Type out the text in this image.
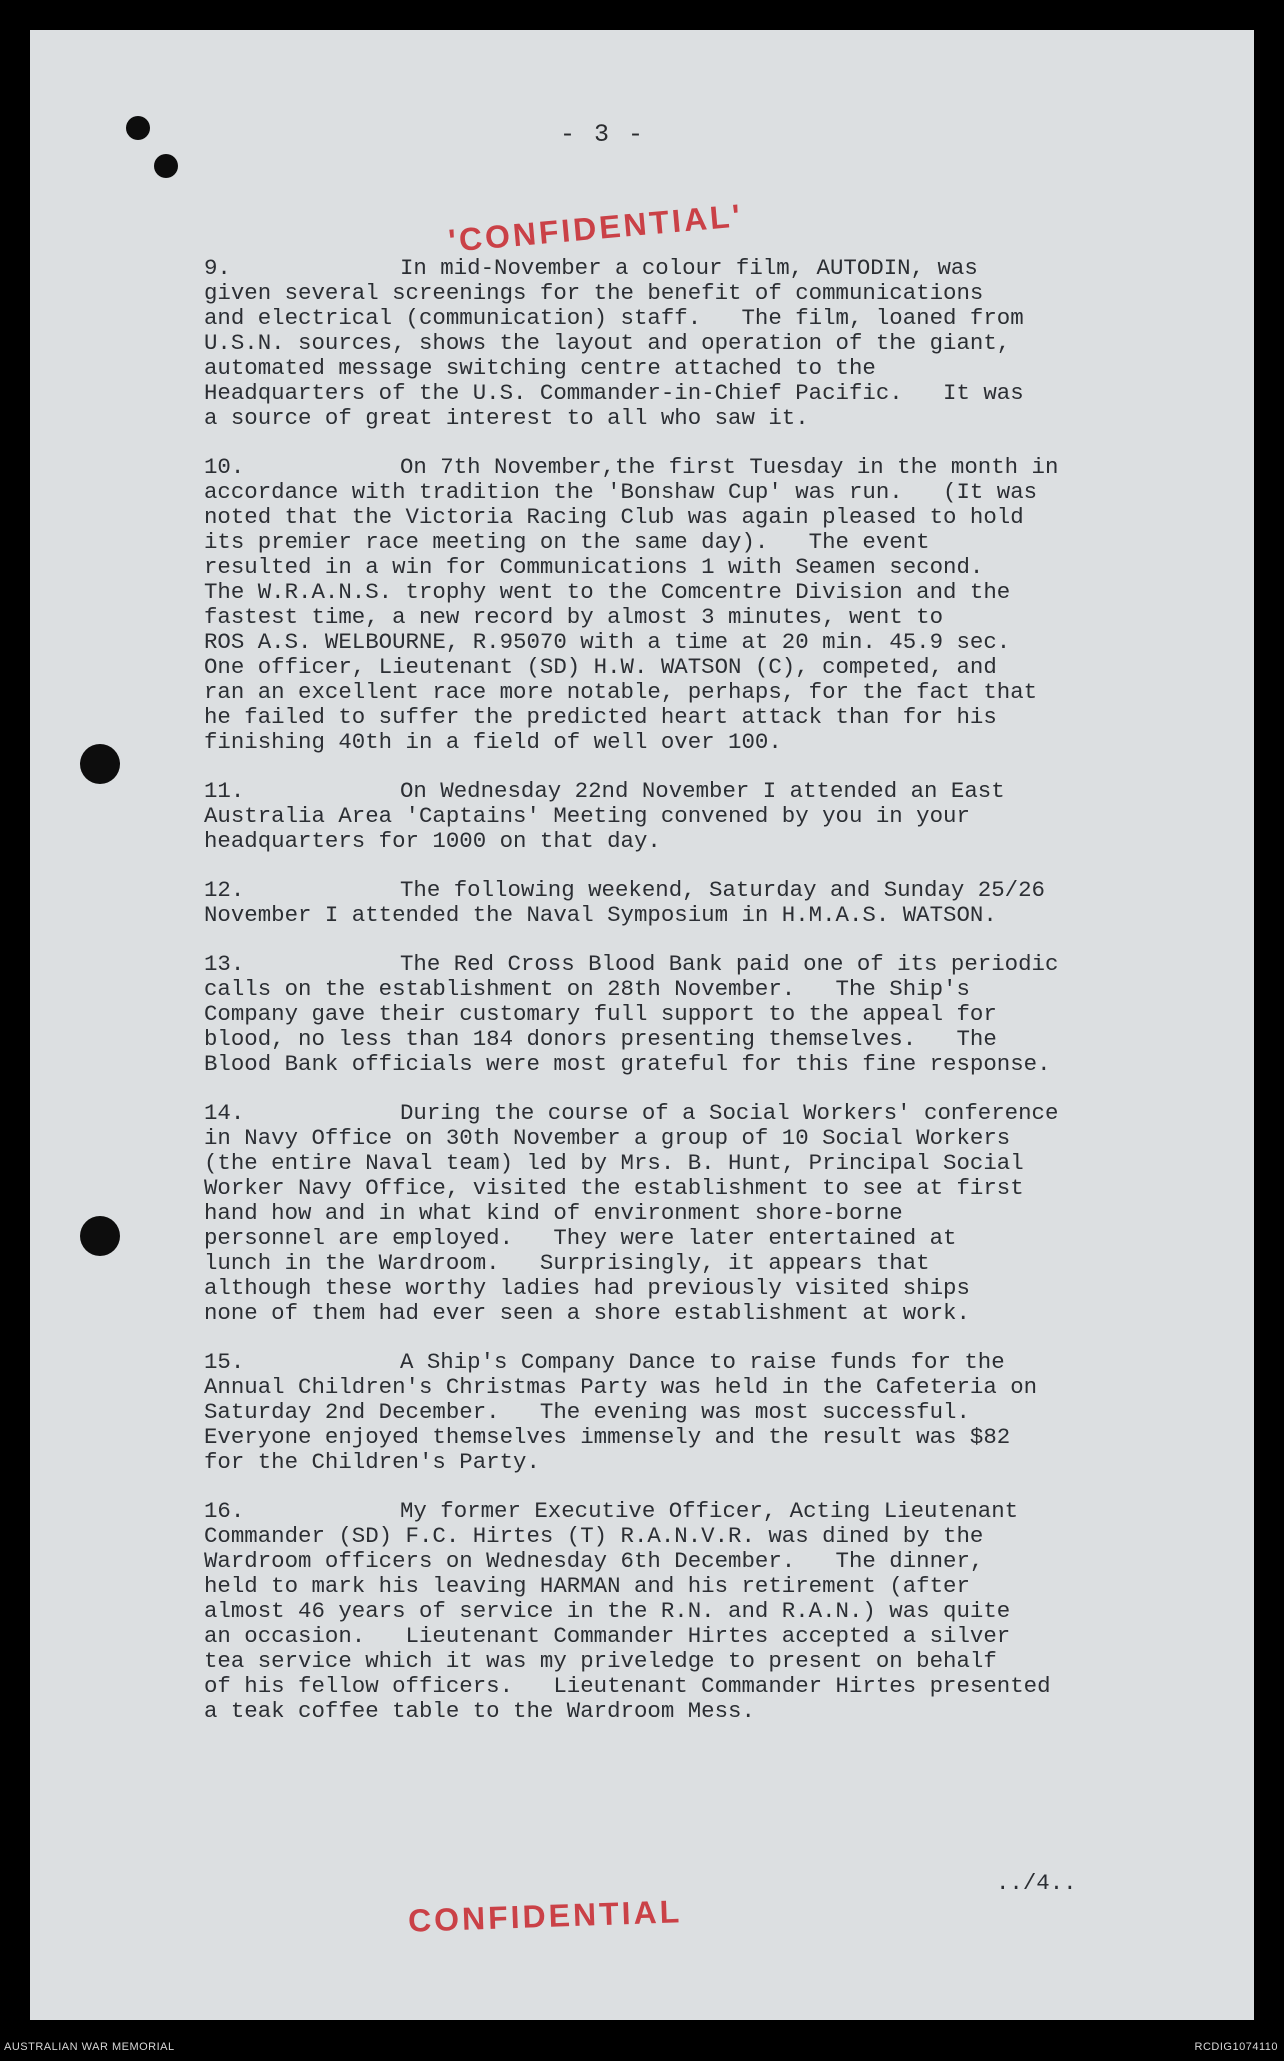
- 3 -
'CONFIDENTIAL'
9.	In mid-November a colour film, AUTODIN, was
given several screenings for the benefit of communications
and electrical (communication) staff.   The film, loaned from
U.S.N. sources, shows the layout and operation of the giant,
automated message switching centre attached to the
Headquarters of the U.S. Commander-in-Chief Pacific.   It was
a source of great interest to all who saw it.
10.	On 7th November,the first Tuesday in the month in
accordance with tradition the 'Bonshaw Cup' was run.   (It was
noted that the Victoria Racing Club was again pleased to hold
its premier race meeting on the same day).   The event
resulted in a win for Communications 1 with Seamen second.
The W.R.A.N.S. trophy went to the Comcentre Division and the
fastest time, a new record by almost 3 minutes, went to
ROS A.S. WELBOURNE, R.95070 with a time at 20 min. 45.9 sec.
One officer, Lieutenant (SD) H.W. WATSON (C), competed, and
ran an excellent race more notable, perhaps, for the fact that
he failed to suffer the predicted heart attack than for his
finishing 40th in a field of well over 100.
11.	On Wednesday 22nd November I attended an East
Australia Area 'Captains' Meeting convened by you in your
headquarters for 1000 on that day.
12.	The following weekend, Saturday and Sunday 25/26
November I attended the Naval Symposium in H.M.A.S. WATSON.
13.	The Red Cross Blood Bank paid one of its periodic
calls on the establishment on 28th November.   The Ship's
Company gave their customary full support to the appeal for
blood, no less than 184 donors presenting themselves.   The
Blood Bank officials were most grateful for this fine response.
14.	During the course of a Social Workers' conference
in Navy Office on 30th November a group of 10 Social Workers
(the entire Naval team) led by Mrs. B. Hunt, Principal Social
Worker Navy Office, visited the establishment to see at first
hand how and in what kind of environment shore-borne
personnel are employed.   They were later entertained at
lunch in the Wardroom.   Surprisingly, it appears that
although these worthy ladies had previously visited ships
none of them had ever seen a shore establishment at work.
15.	A Ship's Company Dance to raise funds for the
Annual Children's Christmas Party was held in the Cafeteria on
Saturday 2nd December.   The evening was most successful.
Everyone enjoyed themselves immensely and the result was $82
for the Children's Party.
16.	My former Executive Officer, Acting Lieutenant
Commander (SD) F.C. Hirtes (T) R.A.N.V.R. was dined by the
Wardroom officers on Wednesday 6th December.   The dinner,
held to mark his leaving HARMAN and his retirement (after
almost 46 years of service in the R.N. and R.A.N.) was quite
an occasion.   Lieutenant Commander Hirtes accepted a silver
tea service which it was my priveledge to present on behalf
of his fellow officers.   Lieutenant Commander Hirtes presented
a teak coffee table to the Wardroom Mess.
../4..
CONFIDENTIAL
AUSTRALIAN WAR MEMORIAL	RCDIG1074110
